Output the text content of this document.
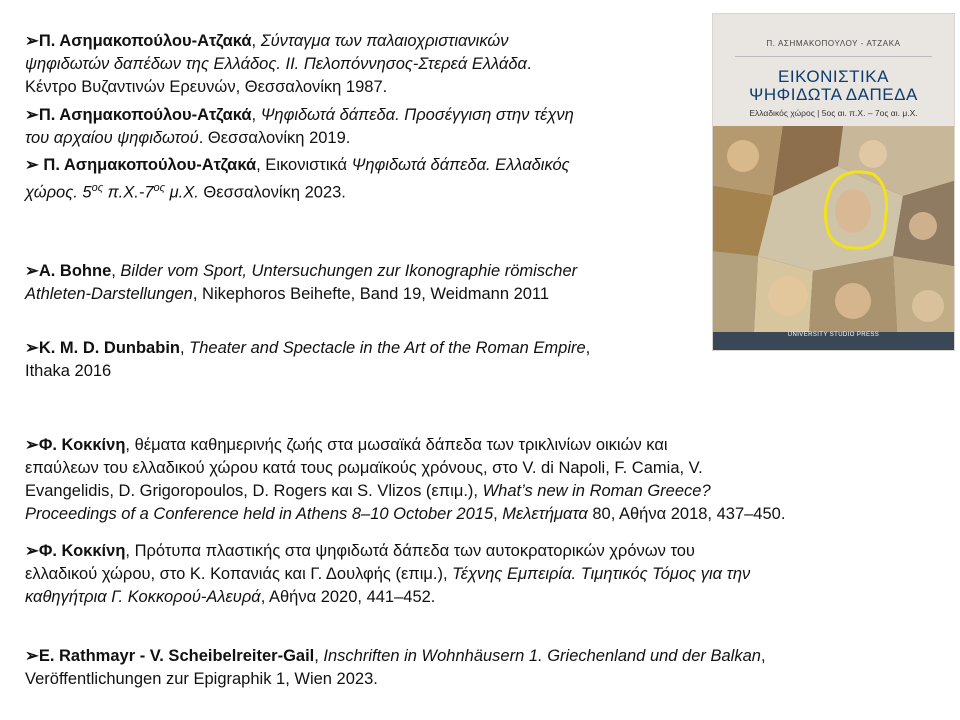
➢Π. Ασημακοπούλου-Ατζακά, Σύνταγμα των παλαιοχριστιανικών
ψηφιδωτών δαπέδων της Ελλάδος. ΙΙ. Πελοπόννησος-Στερεά Ελλάδα.
Κέντρο Βυζαντινών Ερευνών, Θεσσαλονίκη 1987.
➢Π. Ασημακοπούλου-Ατζακά, Ψηφιδωτά δάπεδα. Προσέγγιση στην τέχνη
του αρχαίου ψηφιδωτού. Θεσσαλονίκη 2019.
➢ Π. Ασημακοπούλου-Ατζακά, Εικονιστικά Ψηφιδωτά δάπεδα. Ελλαδικός
χώρος. $5^{o\varsigma}$ $\pi.X.-7^{o\varsigma}$ μ.Χ. Θεσσαλονίκη 2023.
➢A. Bohne, Bilder vom Sport, Untersuchungen zur Ikonographie römischer
Athleten-Darstellungen, Nikephoros Beihefte, Band 19, Weidmann 2011
➢K. M. D. Dunbabin, Theater and Spectacle in the Art of the Roman Empire,
Ithaka 2016
➢Φ. Κοκκίνη, θέματα καθημερινής ζωής στα μωσαϊκά δάπεδα των τρικλινίων οικιών και
επαύλεων του ελλαδικού χώρου κατά τους ρωμαϊκούς χρόνους, στο V. di Napoli, F. Camia, V.
Evangelidis, D. Grigoropoulos, D. Rogers και S. Vlizos (επιμ.), What’s new in Roman Greece?
Proceedings of a Conference held in Athens 8–10 October 2015, Μελετήματα 80, Αθήνα 2018, 437–450.
➢Φ. Κοκκίνη, Πρότυπα πλαστικής στα ψηφιδωτά δάπεδα των αυτοκρατορικών χρόνων του
ελλαδικού χώρου, στο Κ. Κοπανιάς και Γ. Δουλφής (επιμ.), Τέχνης Εμπειρία. Τιμητικός Τόμος για την
καθηγήτρια Γ. Κοκκορού-Αλευρά, Αθήνα 2020, 441–452.
➢E. Rathmayr - V. Scheibelreiter-Gail, Inschriften in Wohnhäusern 1. Griechenland und der Balkan,
Veröffentlichungen zur Epigraphik 1, Wien 2023.
Π. ΑΣΗΜΑΚΟΠΟΥΛΟΥ - ΑΤΖΑΚΑ
ΕΙΚΟΝΙΣΤΙΚΑ
ΨΗΦΙΔΩΤΑ ΔΑΠΕΔΑ
Ελλαδικός χώρος | 5ος αι. π.Χ. – 7ος αι. μ.Χ.
UNIVERSITY STUDIO PRESS
